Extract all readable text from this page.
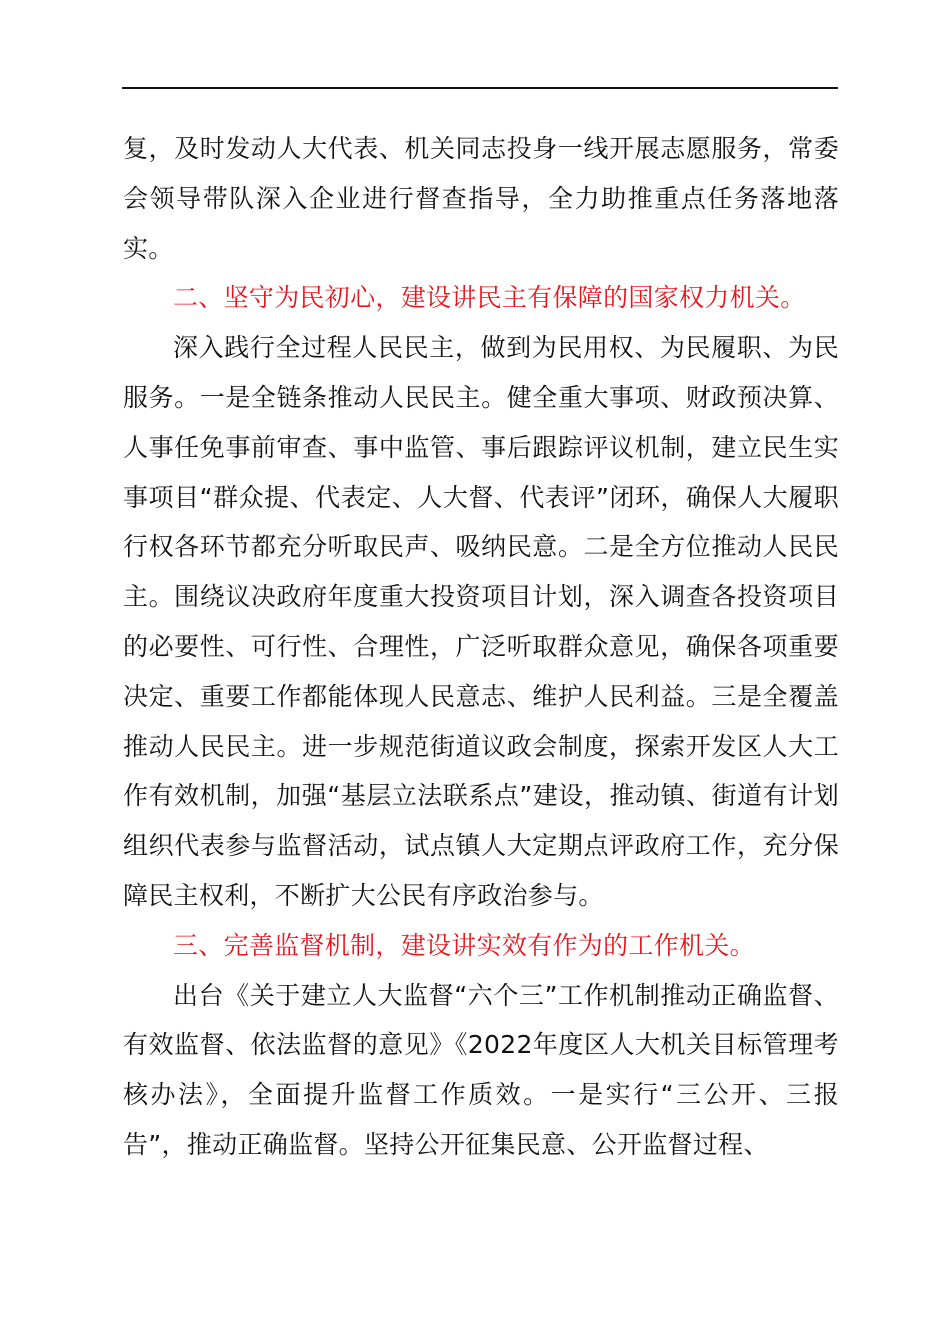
复，及时发动人大代表、机关同志投身一线开展志愿服务，常委会领导带队深入企业进行督查指导，全力助推重点任务落地落实。

二、坚守为民初心，建设讲民主有保障的国家权力机关。

深入践行全过程人民民主，做到为民用权、为民履职、为民服务。一是全链条推动人民民主。健全重大事项、财政预决算、人事任免事前审查、事中监管、事后跟踪评议机制，建立民生实事项目“群众提、代表定、人大督、代表评”闭环，确保人大履职行权各环节都充分听取民声、吸纳民意。二是全方位推动人民民主。围绕议决政府年度重大投资项目计划，深入调查各投资项目的必要性、可行性、合理性，广泛听取群众意见，确保各项重要决定、重要工作都能体现人民意志、维护人民利益。三是全覆盖推动人民民主。进一步规范街道议政会制度，探索开发区人大工作有效机制，加强“基层立法联系点”建设，推动镇、街道有计划组织代表参与监督活动，试点镇人大定期点评政府工作，充分保障民主权利，不断扩大公民有序政治参与。

三、完善监督机制，建设讲实效有作为的工作机关。

出台《关于建立人大监督“六个三”工作机制推动正确监督、有效监督、依法监督的意见》《2022年度区人大机关目标管理考核办法》，全面提升监督工作质效。一是实行“三公开、三报告”，推动正确监督。坚持公开征集民意、公开监督过程、
